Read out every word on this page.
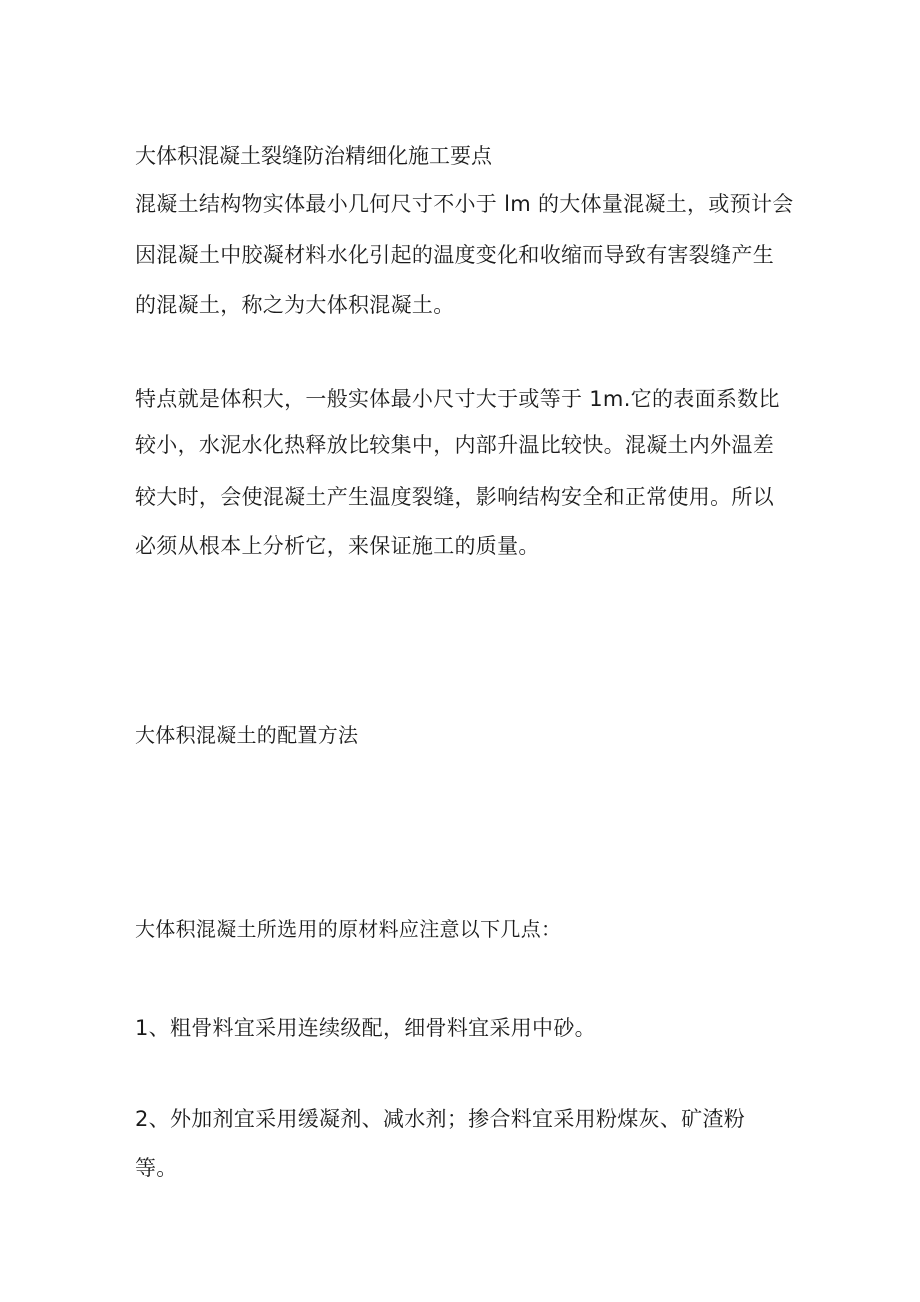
大体积混凝土裂缝防治精细化施工要点

混凝土结构物实体最小几何尺寸不小于 lm 的大体量混凝土，或预计会

因混凝土中胶凝材料水化引起的温度变化和收缩而导致有害裂缝产生

的混凝土，称之为大体积混凝土。

特点就是体积大，一般实体最小尺寸大于或等于 1m.它的表面系数比

较小，水泥水化热释放比较集中，内部升温比较快。混凝土内外温差

较大时，会使混凝土产生温度裂缝，影响结构安全和正常使用。所以

必须从根本上分析它，来保证施工的质量。

大体积混凝土的配置方法

大体积混凝土所选用的原材料应注意以下几点：

1、粗骨料宜采用连续级配，细骨料宜采用中砂。

2、外加剂宜采用缓凝剂、减水剂；掺合料宜采用粉煤灰、矿渣粉

等。
